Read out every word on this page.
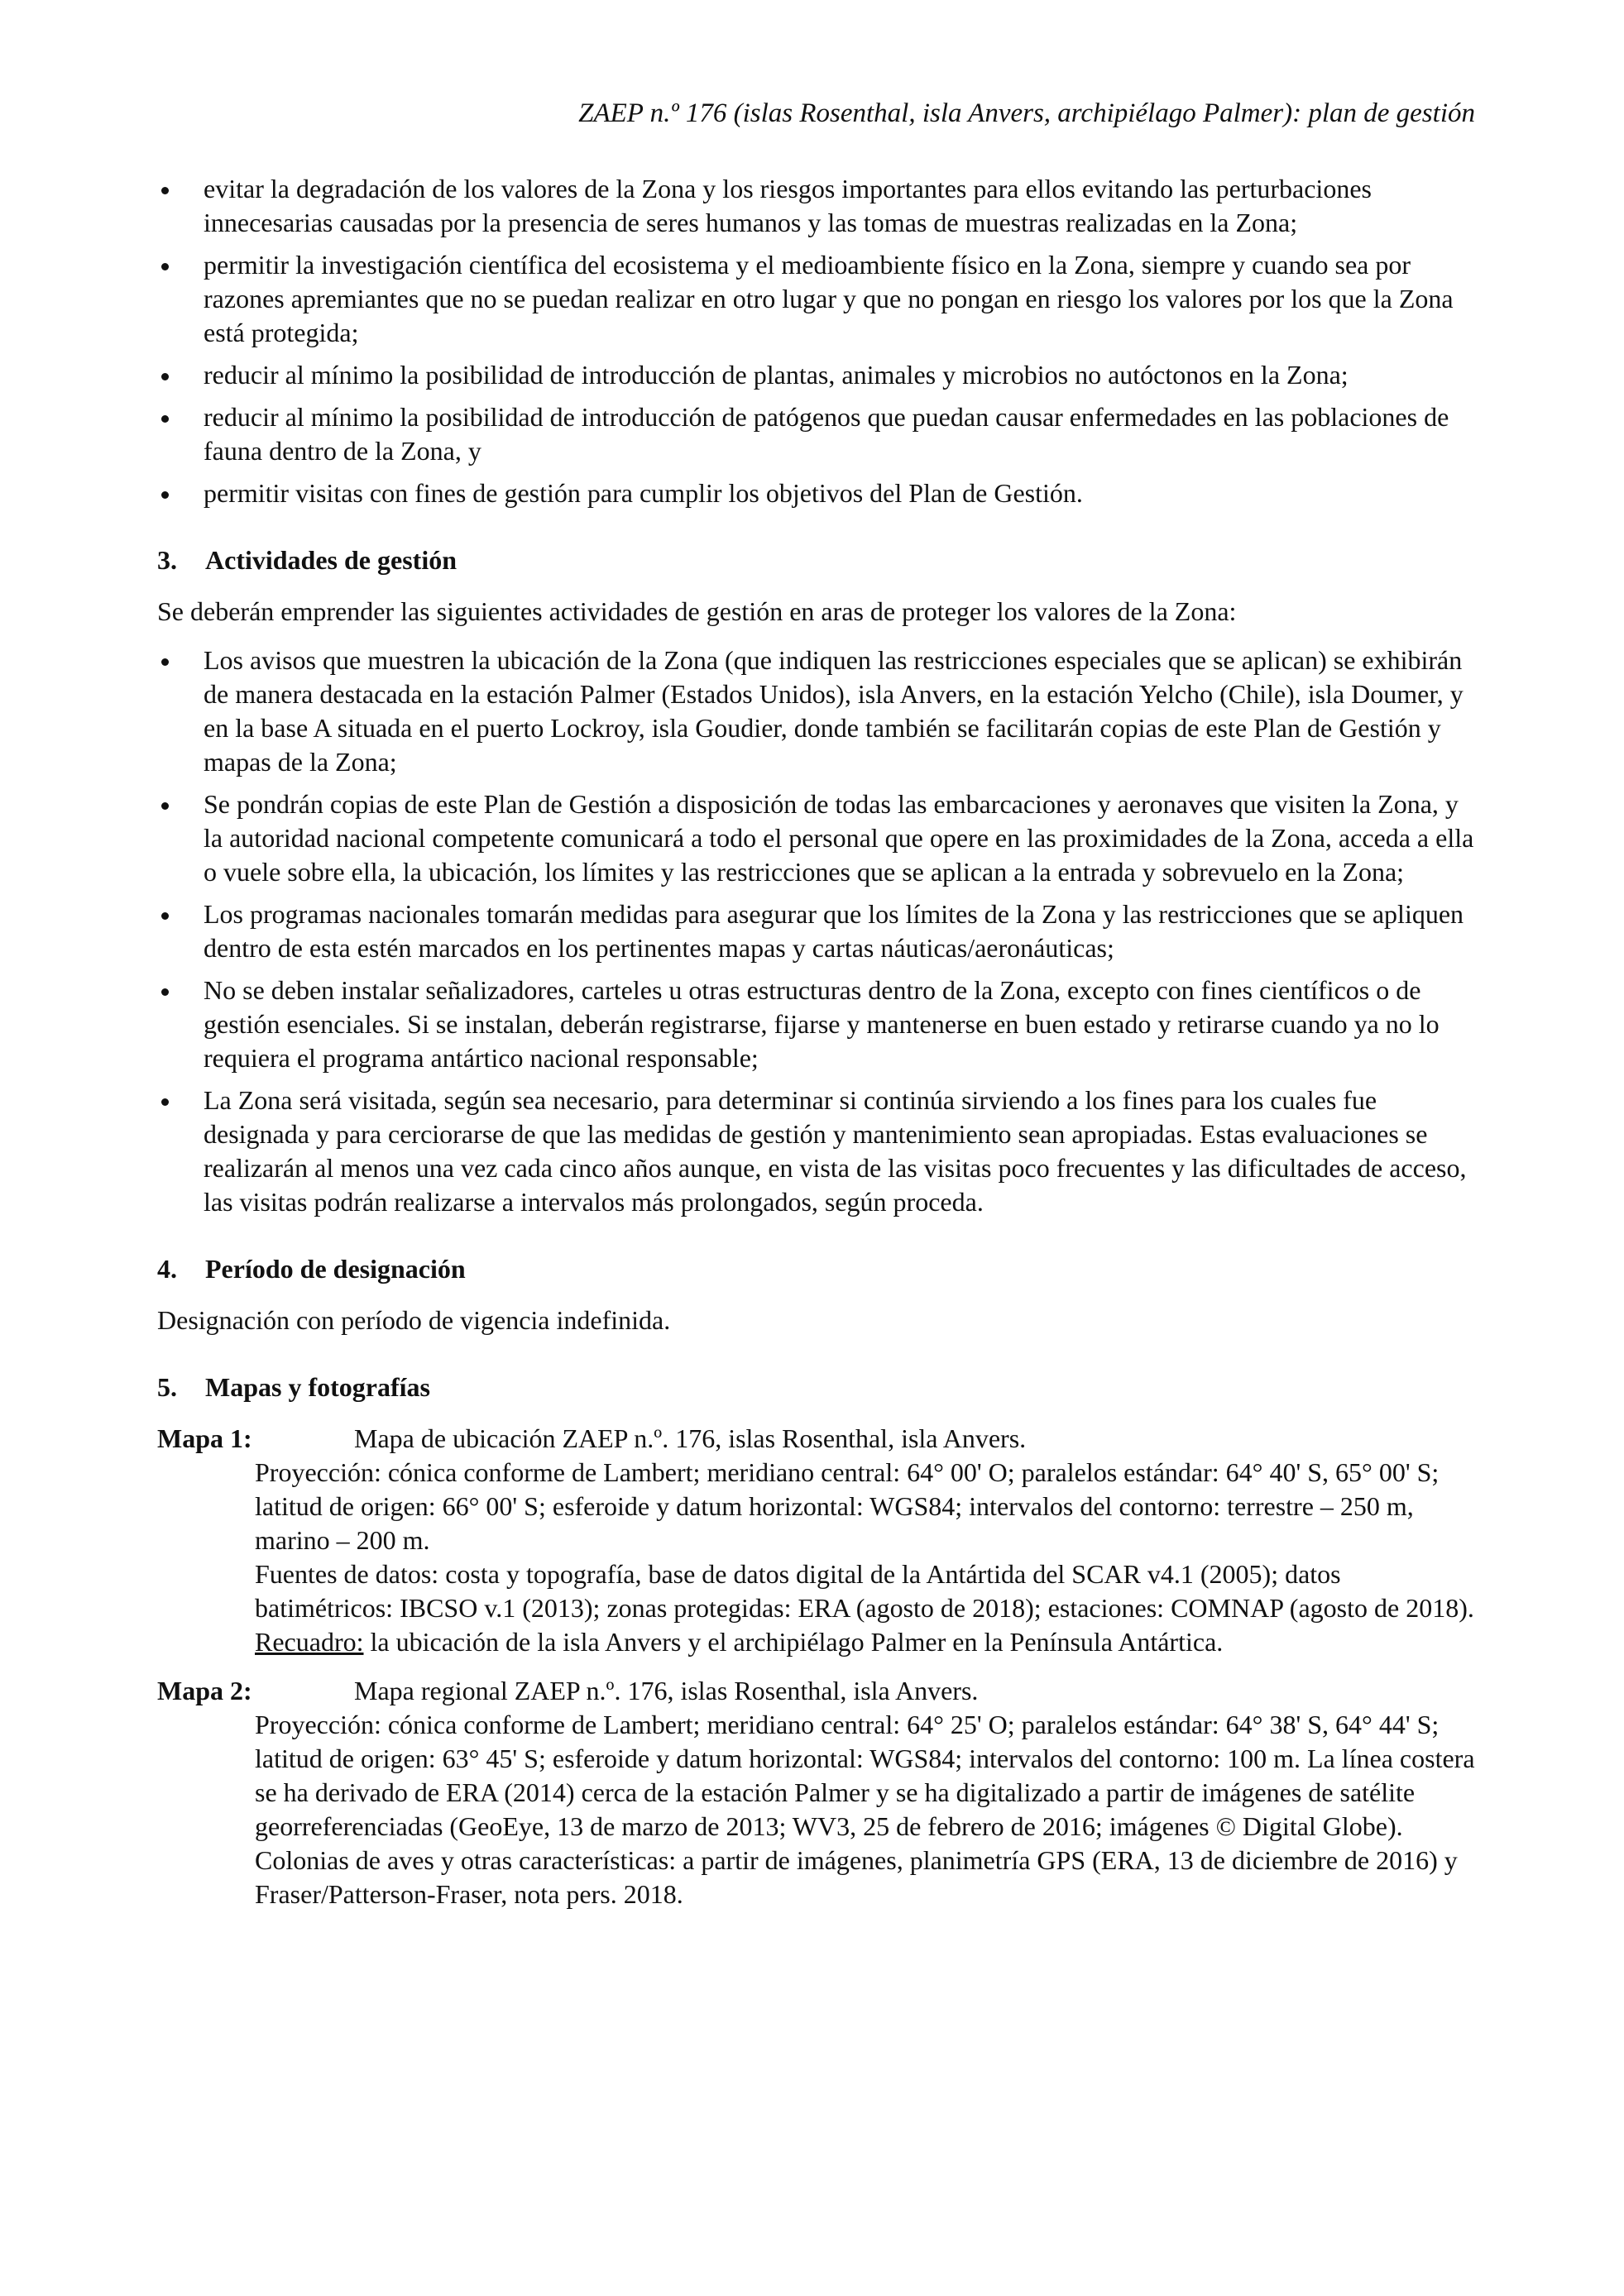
ZAEP n.º 176 (islas Rosenthal, isla Anvers, archipiélago Palmer): plan de gestión
evitar la degradación de los valores de la Zona y los riesgos importantes para ellos evitando las perturbaciones innecesarias causadas por la presencia de seres humanos y las tomas de muestras realizadas en la Zona;
permitir la investigación científica del ecosistema y el medioambiente físico en la Zona, siempre y cuando sea por razones apremiantes que no se puedan realizar en otro lugar y que no pongan en riesgo los valores por los que la Zona está protegida;
reducir al mínimo la posibilidad de introducción de plantas, animales y microbios no autóctonos en la Zona;
reducir al mínimo la posibilidad de introducción de patógenos que puedan causar enfermedades en las poblaciones de fauna dentro de la Zona, y
permitir visitas con fines de gestión para cumplir los objetivos del Plan de Gestión.

3. Actividades de gestión

Se deberán emprender las siguientes actividades de gestión en aras de proteger los valores de la Zona:

Los avisos que muestren la ubicación de la Zona (que indiquen las restricciones especiales que se aplican) se exhibirán de manera destacada en la estación Palmer (Estados Unidos), isla Anvers, en la estación Yelcho (Chile), isla Doumer, y en la base A situada en el puerto Lockroy, isla Goudier, donde también se facilitarán copias de este Plan de Gestión y mapas de la Zona;
Se pondrán copias de este Plan de Gestión a disposición de todas las embarcaciones y aeronaves que visiten la Zona, y la autoridad nacional competente comunicará a todo el personal que opere en las proximidades de la Zona, acceda a ella o vuele sobre ella, la ubicación, los límites y las restricciones que se aplican a la entrada y sobrevuelo en la Zona;
Los programas nacionales tomarán medidas para asegurar que los límites de la Zona y las restricciones que se apliquen dentro de esta estén marcados en los pertinentes mapas y cartas náuticas/aeronáuticas;
No se deben instalar señalizadores, carteles u otras estructuras dentro de la Zona, excepto con fines científicos o de gestión esenciales. Si se instalan, deberán registrarse, fijarse y mantenerse en buen estado y retirarse cuando ya no lo requiera el programa antártico nacional responsable;
La Zona será visitada, según sea necesario, para determinar si continúa sirviendo a los fines para los cuales fue designada y para cerciorarse de que las medidas de gestión y mantenimiento sean apropiadas. Estas evaluaciones se realizarán al menos una vez cada cinco años aunque, en vista de las visitas poco frecuentes y las dificultades de acceso, las visitas podrán realizarse a intervalos más prolongados, según proceda.

4. Período de designación

Designación con período de vigencia indefinida.

5. Mapas y fotografías

Mapa 1:	Mapa de ubicación ZAEP n.º. 176, islas Rosenthal, isla Anvers.

Proyección: cónica conforme de Lambert; meridiano central: 64° 00' O; paralelos estándar: 64° 40' S, 65° 00' S; latitud de origen: 66° 00' S; esferoide y datum horizontal: WGS84; intervalos del contorno: terrestre – 250 m, marino – 200 m.

Fuentes de datos: costa y topografía, base de datos digital de la Antártida del SCAR v4.1 (2005); datos batimétricos: IBCSO v.1 (2013); zonas protegidas: ERA (agosto de 2018); estaciones: COMNAP (agosto de 2018).

Recuadro: la ubicación de la isla Anvers y el archipiélago Palmer en la Península Antártica.

Mapa 2:	Mapa regional ZAEP n.º. 176, islas Rosenthal, isla Anvers.

Proyección: cónica conforme de Lambert; meridiano central: 64° 25' O; paralelos estándar: 64° 38' S, 64° 44' S; latitud de origen: 63° 45' S; esferoide y datum horizontal: WGS84; intervalos del contorno: 100 m. La línea costera se ha derivado de ERA (2014) cerca de la estación Palmer y se ha digitalizado a partir de imágenes de satélite georreferenciadas (GeoEye, 13 de marzo de 2013; WV3, 25 de febrero de 2016; imágenes © Digital Globe). Colonias de aves y otras características: a partir de imágenes, planimetría GPS (ERA, 13 de diciembre de 2016) y Fraser/Patterson-Fraser, nota pers. 2018.
